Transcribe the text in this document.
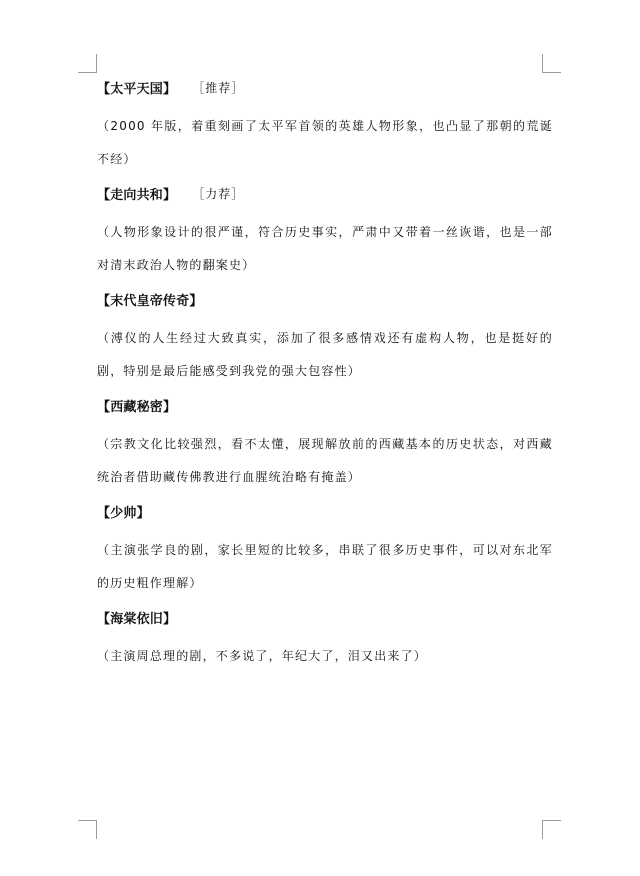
【太平天国】 ［推荐］

（2000 年版，着重刻画了太平军首领的英雄人物形象，也凸显了那朝的荒诞不经）

【走向共和】 ［力荐］

（人物形象设计的很严谨，符合历史事实，严肃中又带着一丝诙谐，也是一部对清末政治人物的翻案史）

【末代皇帝传奇】

（溥仪的人生经过大致真实，添加了很多感情戏还有虚构人物，也是挺好的剧，特别是最后能感受到我党的强大包容性）

【西藏秘密】

（宗教文化比较强烈，看不太懂，展现解放前的西藏基本的历史状态，对西藏统治者借助藏传佛教进行血腥统治略有掩盖）

【少帅】

（主演张学良的剧，家长里短的比较多，串联了很多历史事件，可以对东北军的历史粗作理解）

【海棠依旧】

（主演周总理的剧，不多说了，年纪大了，泪又出来了）
